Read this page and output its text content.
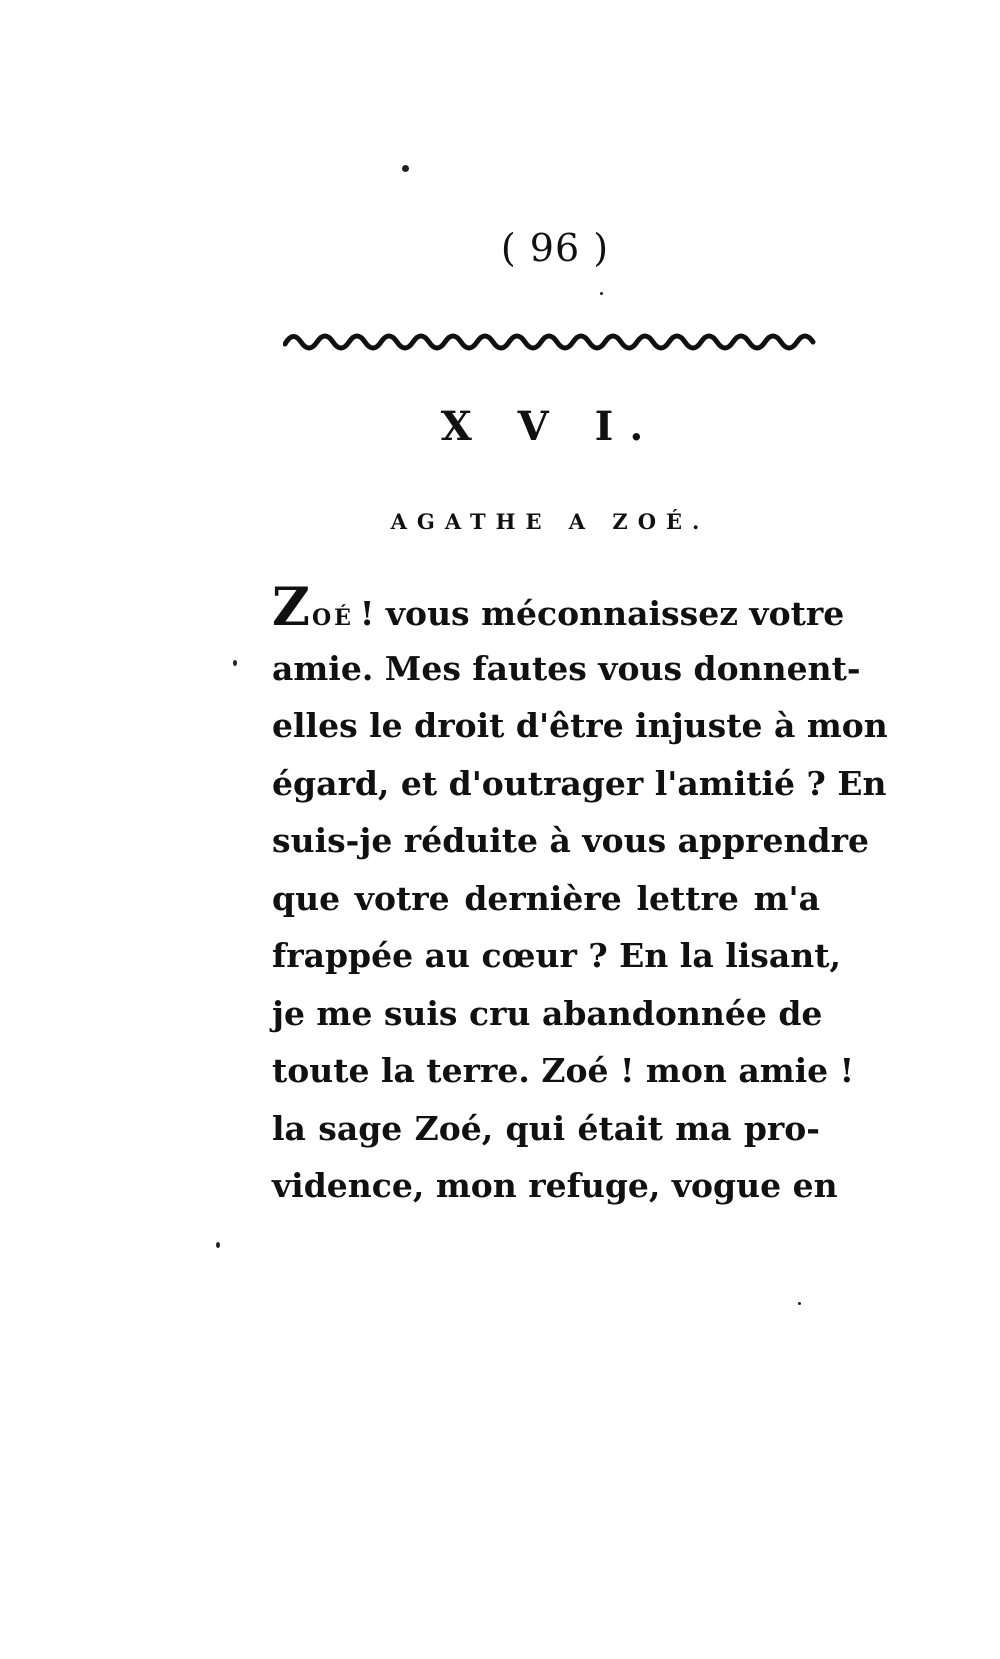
( 96 )
X V I.
AGATHE A ZOÉ.
ZOÉ ! vous méconnaissez votre
amie. Mes fautes vous donnent-
elles le droit d'être injuste à mon
égard, et d'outrager l'amitié ? En
suis-je réduite à vous apprendre
que votre dernière lettre m'a
frappée au cœur ? En la lisant,
je me suis cru abandonnée de
toute la terre. Zoé ! mon amie !
la sage Zoé, qui était ma pro-
vidence, mon refuge, vogue en
